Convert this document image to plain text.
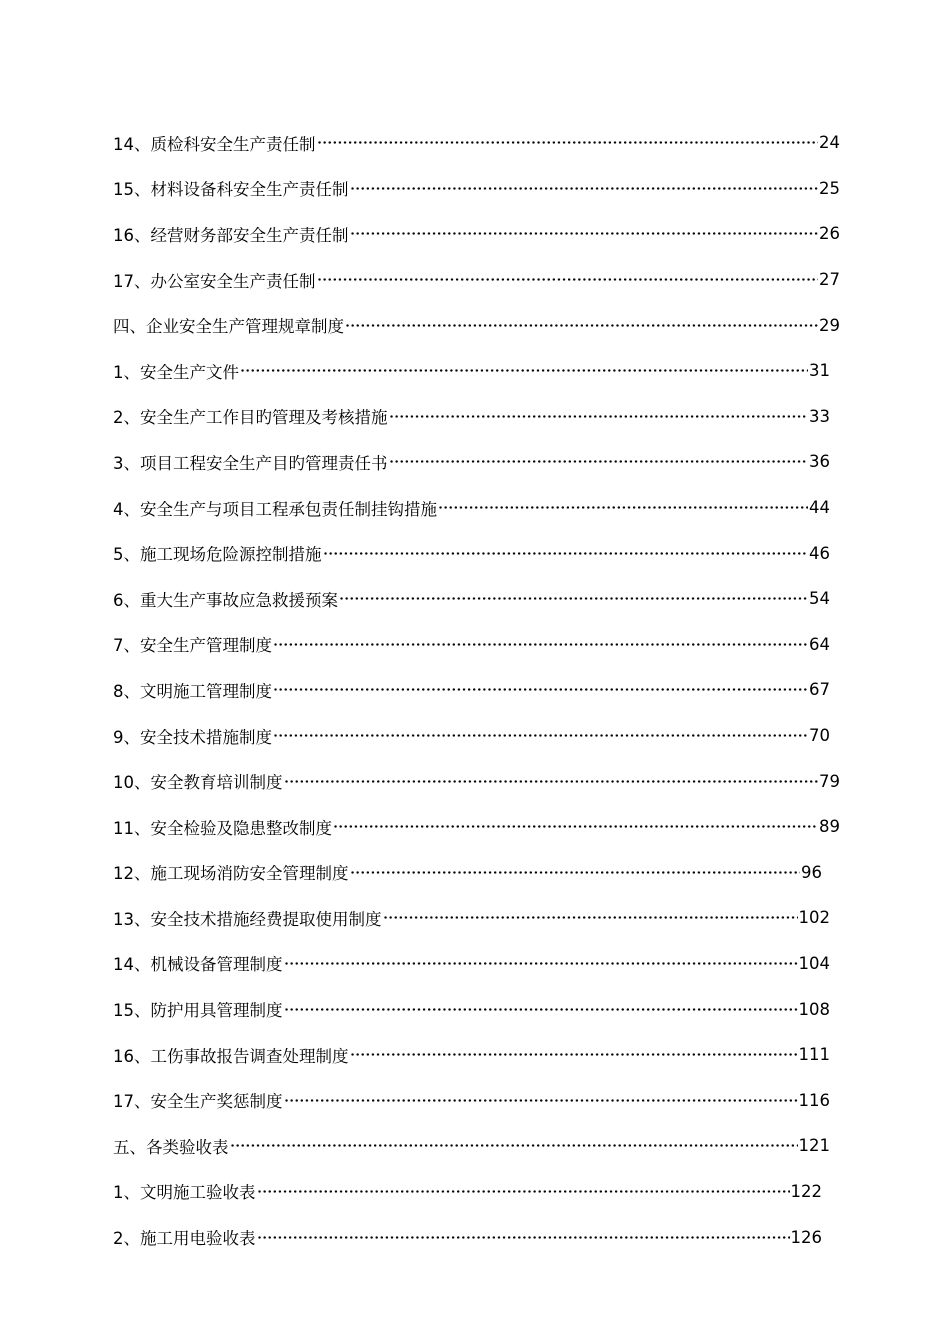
14、质检科安全生产责任制	24
15、材料设备科安全生产责任制	25
16、经营财务部安全生产责任制	26
17、办公室安全生产责任制	27
四、企业安全生产管理规章制度	29
1、安全生产文件	31
2、安全生产工作目旳管理及考核措施	33
3、项目工程安全生产目旳管理责任书	36
4、安全生产与项目工程承包责任制挂钩措施	44
5、施工现场危险源控制措施	46
6、重大生产事故应急救援预案	54
7、安全生产管理制度	64
8、文明施工管理制度	67
9、安全技术措施制度	70
10、安全教育培训制度	79
11、安全检验及隐患整改制度	89
12、施工现场消防安全管理制度	96
13、安全技术措施经费提取使用制度	102
14、机械设备管理制度	104
15、防护用具管理制度	108
16、工伤事故报告调查处理制度	111
17、安全生产奖惩制度	116
五、各类验收表	121
1、文明施工验收表	122
2、施工用电验收表	126
